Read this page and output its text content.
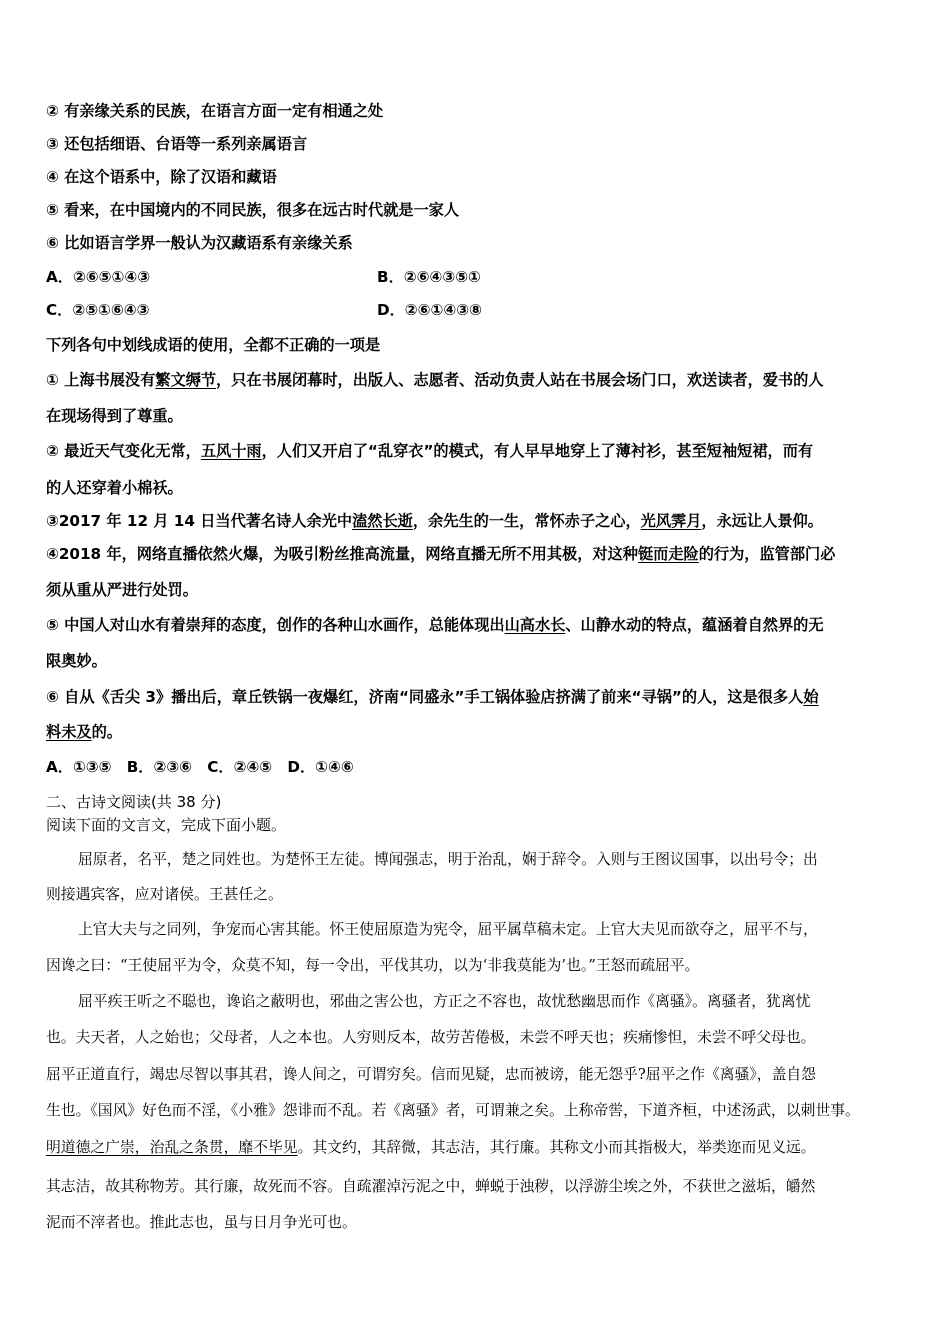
② 有亲缘关系的民族，在语言方面一定有相通之处
③ 还包括细语、台语等一系列亲属语言
④ 在这个语系中，除了汉语和藏语
⑤ 看来，在中国境内的不同民族，很多在远古时代就是一家人
⑥ 比如语言学界一般认为汉藏语系有亲缘关系
A．②⑥⑤①④③	B．②⑥④③⑤①
C．②⑤①⑥④③	D．②⑥①④③⑧
下列各句中划线成语的使用，全都不正确的一项是
① 上海书展没有繁文缛节，只在书展闭幕时，出版人、志愿者、活动负责人站在书展会场门口，欢送读者，爱书的人
在现场得到了尊重。
② 最近天气变化无常，五风十雨，人们又开启了“乱穿衣”的模式，有人早早地穿上了薄衬衫，甚至短袖短裙，而有
的人还穿着小棉袄。
③2017 年 12 月 14 日当代著名诗人余光中溘然长逝，余先生的一生，常怀赤子之心，光风霁月，永远让人景仰。
④2018 年，网络直播依然火爆，为吸引粉丝推高流量，网络直播无所不用其极，对这种铤而走险的行为，监管部门必
须从重从严进行处罚。
⑤ 中国人对山水有着崇拜的态度，创作的各种山水画作，总能体现出山高水长、山静水动的特点，蕴涵着自然界的无
限奥妙。
⑥ 自从《舌尖 3》播出后，章丘铁锅一夜爆红，济南“同盛永”手工锅体验店挤满了前来“寻锅”的人，这是很多人始
料未及的。
A．①③⑤　B．②③⑥　C．②④⑤　D．①④⑥
二、古诗文阅读(共 38 分)
阅读下面的文言文，完成下面小题。
屈原者，名平，楚之同姓也。为楚怀王左徒。博闻强志，明于治乱，娴于辞令。入则与王图议国事，以出号令；出
则接遇宾客，应对诸侯。王甚任之。
上官大夫与之同列，争宠而心害其能。怀王使屈原造为宪令，屈平属草稿未定。上官大夫见而欲夺之，屈平不与，
因谗之曰：“王使屈平为令，众莫不知，每一令出，平伐其功，以为‘非我莫能为’也。”王怒而疏屈平。
屈平疾王听之不聪也，谗谄之蔽明也，邪曲之害公也，方正之不容也，故忧愁幽思而作《离骚》。离骚者，犹离忧
也。夫天者，人之始也；父母者，人之本也。人穷则反本，故劳苦倦极，未尝不呼天也；疾痛惨怛，未尝不呼父母也。
屈平正道直行，竭忠尽智以事其君，谗人间之，可谓穷矣。信而见疑，忠而被谤，能无怨乎?屈平之作《离骚》，盖自怨
生也。《国风》好色而不淫，《小雅》怨诽而不乱。若《离骚》者，可谓兼之矣。上称帝喾，下道齐桓，中述汤武，以刺世事。
明道德之广崇，治乱之条贯，靡不毕见。其文约，其辞微，其志洁，其行廉。其称文小而其指极大，举类迩而见义远。
其志洁，故其称物芳。其行廉，故死而不容。自疏濯淖污泥之中，蝉蜕于浊秽，以浮游尘埃之外，不获世之滋垢，皭然
泥而不滓者也。推此志也，虽与日月争光可也。
